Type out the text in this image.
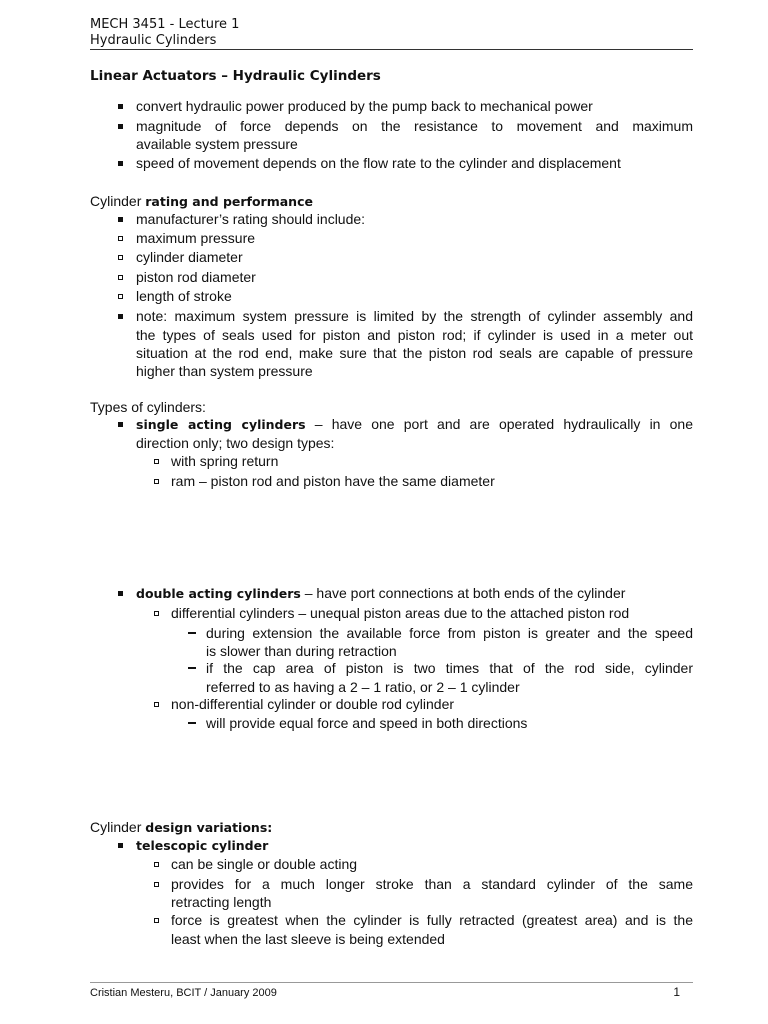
MECH 3451 - Lecture 1
Hydraulic Cylinders
Linear Actuators – Hydraulic Cylinders
convert hydraulic power produced by the pump back to mechanical power
magnitude of force depends on the resistance to movement and maximum
available system pressure
speed of movement depends on the flow rate to the cylinder and displacement
Cylinder rating and performance
manufacturer’s rating should include:
maximum pressure
cylinder diameter
piston rod diameter
length of stroke
note: maximum system pressure is limited by the strength of cylinder assembly and
the types of seals used for piston and piston rod; if cylinder is used in a meter out
situation at the rod end, make sure that the piston rod seals are capable of pressure
higher than system pressure
Types of cylinders:
single acting cylinders – have one port and are operated hydraulically in one
direction only; two design types:
with spring return
ram – piston rod and piston have the same diameter
double acting cylinders – have port connections at both ends of the cylinder
differential cylinders – unequal piston areas due to the attached piston rod
during extension the available force from piston is greater and the speed
is slower than during retraction
if the cap area of piston is two times that of the rod side, cylinder
referred to as having a 2 – 1 ratio, or 2 – 1 cylinder
non-differential cylinder or double rod cylinder
will provide equal force and speed in both directions
Cylinder design variations:
telescopic cylinder
can be single or double acting
provides for a much longer stroke than a standard cylinder of the same
retracting length
force is greatest when the cylinder is fully retracted (greatest area) and is the
least when the last sleeve is being extended
Cristian Mesteru, BCIT / January 2009	1
